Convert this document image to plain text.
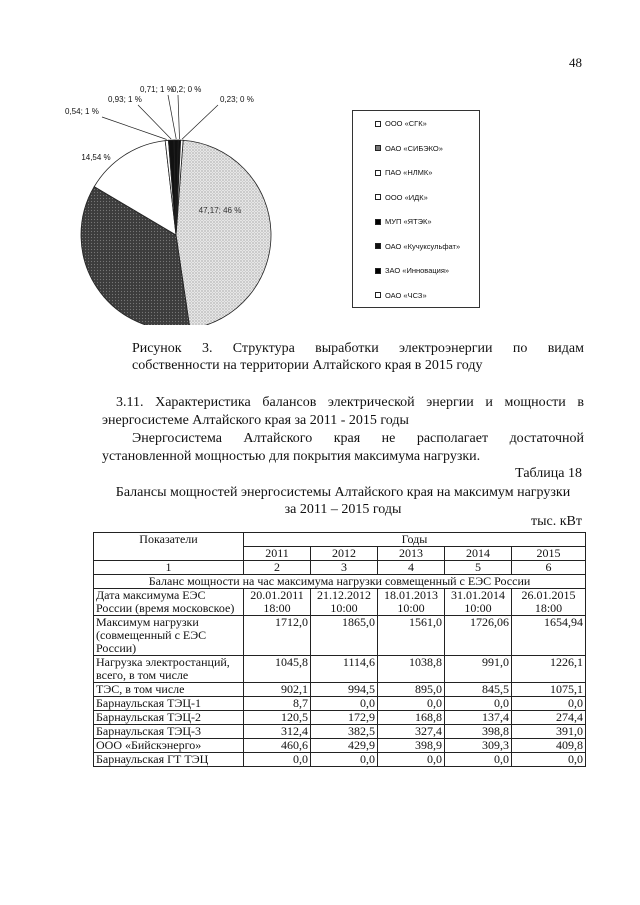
48
47,17; 46 %
14,54 %
0,54; 1 %
0,93; 1 %
0,71; 1 %
0,2; 0 %
0,23; 0 %
ООО «СГК»
ОАО «СИБЭКО»
ПАО «НЛМК»
ООО «ИДК»
МУП «ЯТЭК»
ОАО «Кучуксульфат»
ЗАО «Инновация»
ОАО «ЧСЗ»
Рисунок 3. Структура выработки электроэнергии по видам
собственности на территории Алтайского края в 2015 году
3.11. Характеристика балансов электрической энергии и мощности в
энергосистеме Алтайского края за 2011 - 2015 годы
Энергосистема Алтайского края не располагает достаточной
установленной мощностью для покрытия максимума нагрузки.
Таблица 18
Балансы мощностей энергосистемы Алтайского края на максимум нагрузки
за 2011 – 2015 годы
тыс. кВт
Показатели	Годы				
	2011	2012	2013	2014	2015
1	2	3	4	5	6
Баланс мощности на час максимума нагрузки совмещенный с ЕЭС России					
Дата максимума ЕЭС России (время московское)	20.01.2011 18:00	21.12.2012 10:00	18.01.2013 10:00	31.01.2014 10:00	26.01.2015 18:00
Максимум нагрузки (совмещенный с ЕЭС России)	1712,0	1865,0	1561,0	1726,06	1654,94
Нагрузка электростанций, всего, в том числе	1045,8	1114,6	1038,8	991,0	1226,1
ТЭС, в том числе	902,1	994,5	895,0	845,5	1075,1
Барнаульская ТЭЦ-1	8,7	0,0	0,0	0,0	0,0
Барнаульская ТЭЦ-2	120,5	172,9	168,8	137,4	274,4
Барнаульская ТЭЦ-3	312,4	382,5	327,4	398,8	391,0
ООО «Бийскэнерго»	460,6	429,9	398,9	309,3	409,8
Барнаульская ГТ ТЭЦ	0,0	0,0	0,0	0,0	0,0
